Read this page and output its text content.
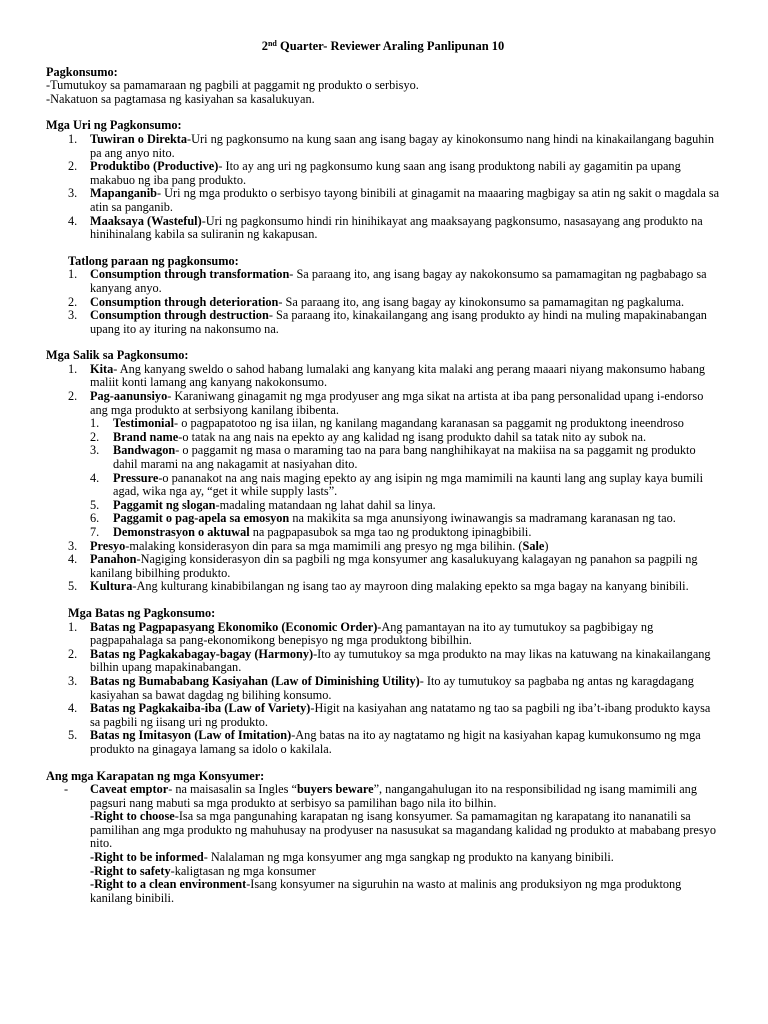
2nd Quarter- Reviewer Araling Panlipunan 10
Pagkonsumo:
-Tumutukoy sa pamamaraan ng pagbili at paggamit ng produkto o serbisyo.
-Nakatuon sa pagtamasa ng kasiyahan sa kasalukuyan.
Mga Uri ng Pagkonsumo:
1. Tuwiran o Direkta-Uri ng pagkonsumo na kung saan ang isang bagay ay kinokonsumo nang hindi na kinakailangang baguhin pa ang anyo nito.
2. Produktibo (Productive)- Ito ay ang uri ng pagkonsumo kung saan ang isang produktong nabili ay gagamitin pa upang makabuo ng iba pang produkto.
3. Mapanganib- Uri ng mga produkto o serbisyo tayong binibili at ginagamit na maaaring magbigay sa atin ng sakit o magdala sa atin sa panganib.
4. Maaksaya (Wasteful)-Uri ng pagkonsumo hindi rin hinihikayat ang maaksayang pagkonsumo, nasasayang ang produkto na hinihinalang kabila sa suliranin ng kakapusan.
Tatlong paraan ng pagkonsumo:
1. Consumption through transformation- Sa paraang ito, ang isang bagay ay nakokonsumo sa pamamagitan ng pagbabago sa kanyang anyo.
2. Consumption through deterioration- Sa paraang ito, ang isang bagay ay kinokonsumo sa pamamagitan ng pagkaluma.
3. Consumption through destruction- Sa paraang ito, kinakailangang ang isang produkto ay hindi na muling mapakinabangan upang ito ay ituring na nakonsumo na.
Mga Salik sa Pagkonsumo:
1. Kita- Ang kanyang sweldo o sahod habang lumalaki ang kanyang kita malaki ang perang maaari niyang makonsumo habang maliit konti lamang ang kanyang nakokonsumo.
2. Pag-aanunsiyo- Karaniwang ginagamit ng mga prodyuser ang mga sikat na artista at iba pang personalidad upang i-endorso ang mga produkto at serbsiyong kanilang ibibenta.
1. Testimonial- o pagpapatotoo ng isa iilan, ng kanilang magandang karanasan sa paggamit ng produktong ineendroso
2. Brand name-o tatak na ang nais na epekto ay ang kalidad ng isang produkto dahil sa tatak nito ay subok na.
3. Bandwagon- o paggamit ng masa o maraming tao na para bang nanghihikayat na makiisa na sa paggamit ng produkto dahil marami na ang nakagamit at nasiyahan dito.
4. Pressure-o pananakot na ang nais maging epekto ay ang isipin ng mga mamimili na kaunti lang ang suplay kaya bumili agad, wika nga ay, “get it while supply lasts”.
5. Paggamit ng slogan-madaling matandaan ng lahat dahil sa linya.
6. Paggamit o pag-apela sa emosyon na makikita sa mga anunsiyong iwinawangis sa madramang karanasan ng tao.
7. Demonstrasyon o aktuwal na pagpapasubok sa mga tao ng produktong ipinagbibili.
3. Presyo-malaking konsiderasyon din para sa mga mamimili ang presyo ng mga bilihin. (Sale)
4. Panahon-Nagiging konsiderasyon din sa pagbili ng mga konsyumer ang kasalukuyang kalagayan ng panahon sa pagpili ng kanilang bibilhing produkto.
5. Kultura-Ang kulturang kinabibilangan ng isang tao ay mayroon ding malaking epekto sa mga bagay na kanyang binibili.
Mga Batas ng Pagkonsumo:
1. Batas ng Pagpapasyang Ekonomiko (Economic Order)-Ang pamantayan na ito ay tumutukoy sa pagbibigay ng pagpapahalaga sa pang-ekonomikong benepisyo ng mga produktong bibilhin.
2. Batas ng Pagkakabagay-bagay (Harmony)-Ito ay tumutukoy sa mga produkto na may likas na katuwang na kinakailangang bilhin upang mapakinabangan.
3. Batas ng Bumababang Kasiyahan (Law of Diminishing Utility)- Ito ay tumutukoy sa pagbaba ng antas ng karagdagang kasiyahan sa bawat dagdag ng bilihing konsumo.
4. Batas ng Pagkakaiba-iba (Law of Variety)-Higit na kasiyahan ang natatamo ng tao sa pagbili ng iba’t-ibang produkto kaysa sa pagbili ng iisang uri ng produkto.
5. Batas ng Imitasyon (Law of Imitation)-Ang batas na ito ay nagtatamo ng higit na kasiyahan kapag kumukonsumo ng mga produkto na ginagaya lamang sa idolo o kakilala.
Ang mga Karapatan ng mga Konsyumer:
- Caveat emptor- na maisasalin sa Ingles “buyers beware”, nangangahulugan ito na responsibilidad ng isang mamimili ang pagsuri nang mabuti sa mga produkto at serbisyo sa pamilihan bago nila ito bilhin.
-Right to choose-Isa sa mga pangunahing karapatan ng isang konsyumer. Sa pamamagitan ng karapatang ito nananatili sa pamilihan ang mga produkto ng mahuhusay na prodyuser na nasusukat sa magandang kalidad ng produkto at mababang presyo nito.
-Right to be informed- Nalalaman ng mga konsyumer ang mga sangkap ng produkto na kanyang binibili.
-Right to safety-kaligtasan ng mga konsumer
-Right to a clean environment-Isang konsyumer na siguruhin na wasto at malinis ang produksiyon ng mga produktong kanilang binibili.
